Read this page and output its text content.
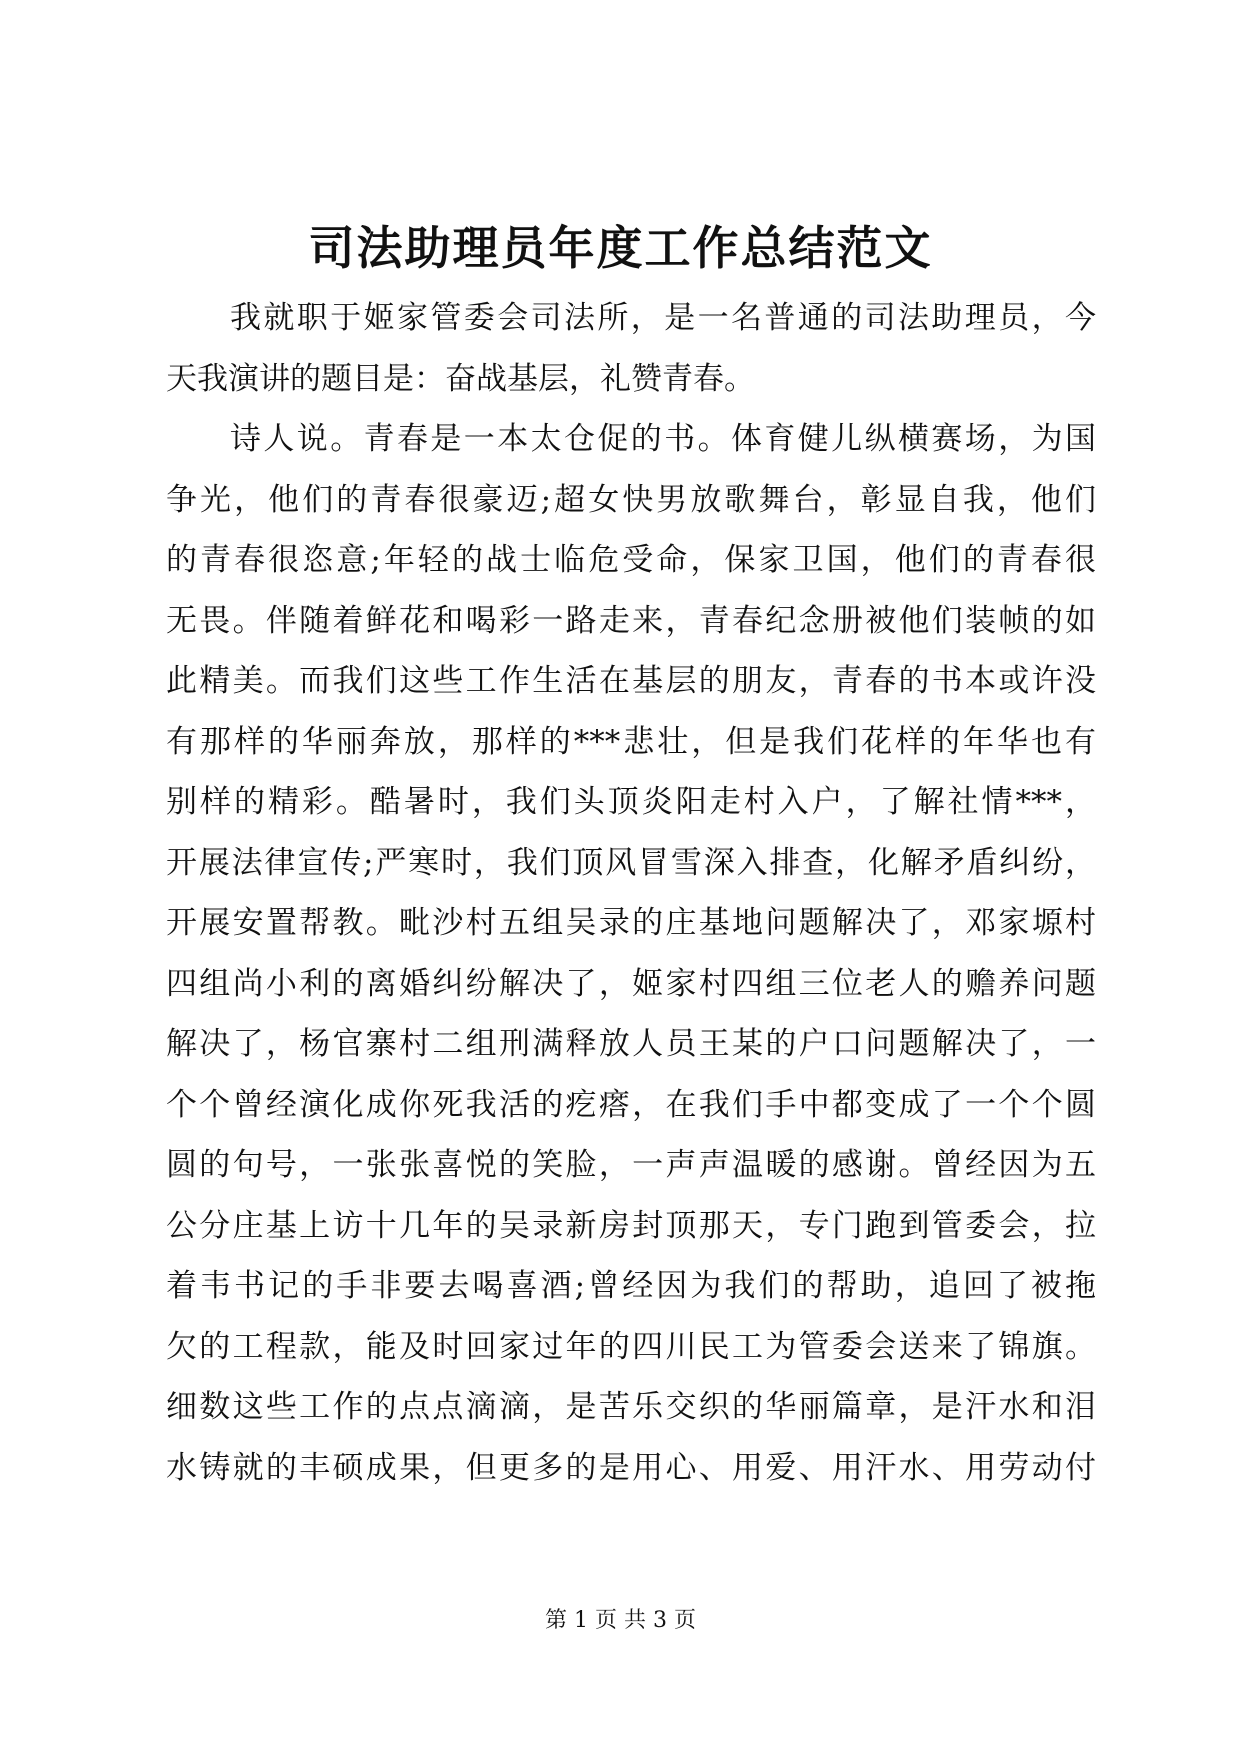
司法助理员年度工作总结范文
我就职于姬家管委会司法所，是一名普通的司法助理员，今
天我演讲的题目是：奋战基层，礼赞青春。
诗人说。青春是一本太仓促的书。体育健儿纵横赛场，为国
争光，他们的青春很豪迈;超女快男放歌舞台，彰显自我，他们
的青春很恣意;年轻的战士临危受命，保家卫国，他们的青春很
无畏。伴随着鲜花和喝彩一路走来，青春纪念册被他们装帧的如
此精美。而我们这些工作生活在基层的朋友，青春的书本或许没
有那样的华丽奔放，那样的***悲壮，但是我们花样的年华也有
别样的精彩。酷暑时，我们头顶炎阳走村入户，了解社情***，
开展法律宣传;严寒时，我们顶风冒雪深入排查，化解矛盾纠纷，
开展安置帮教。毗沙村五组吴录的庄基地问题解决了，邓家塬村
四组尚小利的离婚纠纷解决了，姬家村四组三位老人的赡养问题
解决了，杨官寨村二组刑满释放人员王某的户口问题解决了，一
个个曾经演化成你死我活的疙瘩，在我们手中都变成了一个个圆
圆的句号，一张张喜悦的笑脸，一声声温暖的感谢。曾经因为五
公分庄基上访十几年的吴录新房封顶那天，专门跑到管委会，拉
着韦书记的手非要去喝喜酒;曾经因为我们的帮助，追回了被拖
欠的工程款，能及时回家过年的四川民工为管委会送来了锦旗。
细数这些工作的点点滴滴，是苦乐交织的华丽篇章，是汗水和泪
水铸就的丰硕成果，但更多的是用心、用爱、用汗水、用劳动付
第 1 页 共 3 页
